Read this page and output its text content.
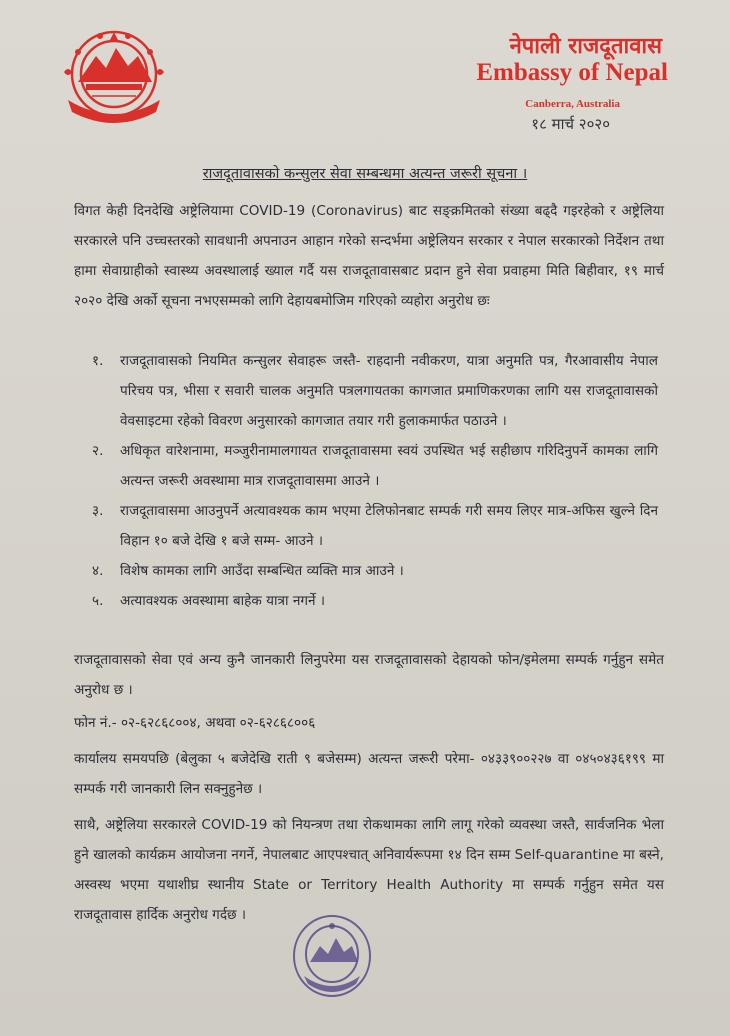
नेपाली राजदूतावास
Embassy of Nepal
Canberra, Australia
१८ मार्च २०२०
राजदूतावासको कन्सुलर सेवा सम्बन्धमा अत्यन्त जरूरी सूचना ।

विगत केही दिनदेखि अष्ट्रेलियामा COVID-19 (Coronavirus) बाट सङ्क्रमितको संख्या बढ्दै गइरहेको र अष्ट्रेलिया सरकारले पनि उच्चस्तरको सावधानी अपनाउन आहान गरेको सन्दर्भमा अष्ट्रेलियन सरकार र नेपाल सरकारको निर्देशन तथा हामा सेवाग्राहीको स्वास्थ्य अवस्थालाई ख्याल गर्दै यस राजदूतावासबाट प्रदान हुने सेवा प्रवाहमा मिति बिहीवार, १९ मार्च २०२० देखि अर्को सूचना नभएसम्मको लागि देहायबमोजिम गरिएको व्यहोरा अनुरोध छः

१.	राजदूतावासको नियमित कन्सुलर सेवाहरू जस्तै- राहदानी नवीकरण, यात्रा अनुमति पत्र, गैरआवासीय नेपाल परिचय पत्र, भीसा र सवारी चालक अनुमति पत्रलगायतका कागजात प्रमाणिकरणका लागि यस राजदूतावासको वेवसाइटमा रहेको विवरण अनुसारको कागजात तयार गरी हुलाकमार्फत पठाउने ।
२.	अधिकृत वारेशनामा, मञ्जुरीनामालगायत राजदूतावासमा स्वयं उपस्थित भई सहीछाप गरिदिनुपर्ने कामका लागि अत्यन्त जरूरी अवस्थामा मात्र राजदूतावासमा आउने ।
३.	राजदूतावासमा आउनुपर्ने अत्यावश्यक काम भएमा टेलिफोनबाट सम्पर्क गरी समय लिएर मात्र-अफिस खुल्ने दिन विहान १० बजे देखि १ बजे सम्म- आउने ।
४.	विशेष कामका लागि आउँदा सम्बन्धित व्यक्ति मात्र आउने ।
५.	अत्यावश्यक अवस्थामा बाहेक यात्रा नगर्ने ।

राजदूतावासको सेवा एवं अन्य कुनै जानकारी लिनुपरेमा यस राजदूतावासको देहायको फोन/इमेलमा सम्पर्क गर्नुहुन समेत अनुरोध छ ।

फोन नं.- ०२-६२८६८००४, अथवा ०२-६२८६८००६

कार्यालय समयपछि (बेलुका ५ बजेदेखि राती ९ बजेसम्म) अत्यन्त जरूरी परेमा- ०४३३९००२२७ वा ०४५०४३६१९९ मा सम्पर्क गरी जानकारी लिन सक्नुहुनेछ ।

साथै, अष्ट्रेलिया सरकारले COVID-19 को नियन्त्रण तथा रोकथामका लागि लागू गरेको व्यवस्था जस्तै, सार्वजनिक भेला हुने खालको कार्यक्रम आयोजना नगर्ने, नेपालबाट आएपश्चात् अनिवार्यरूपमा १४ दिन सम्म Self-quarantine मा बस्ने, अस्वस्थ भएमा यथाशीघ्र स्थानीय State or Territory Health Authority मा सम्पर्क गर्नुहुन समेत यस राजदूतावास हार्दिक अनुरोध गर्दछ ।
